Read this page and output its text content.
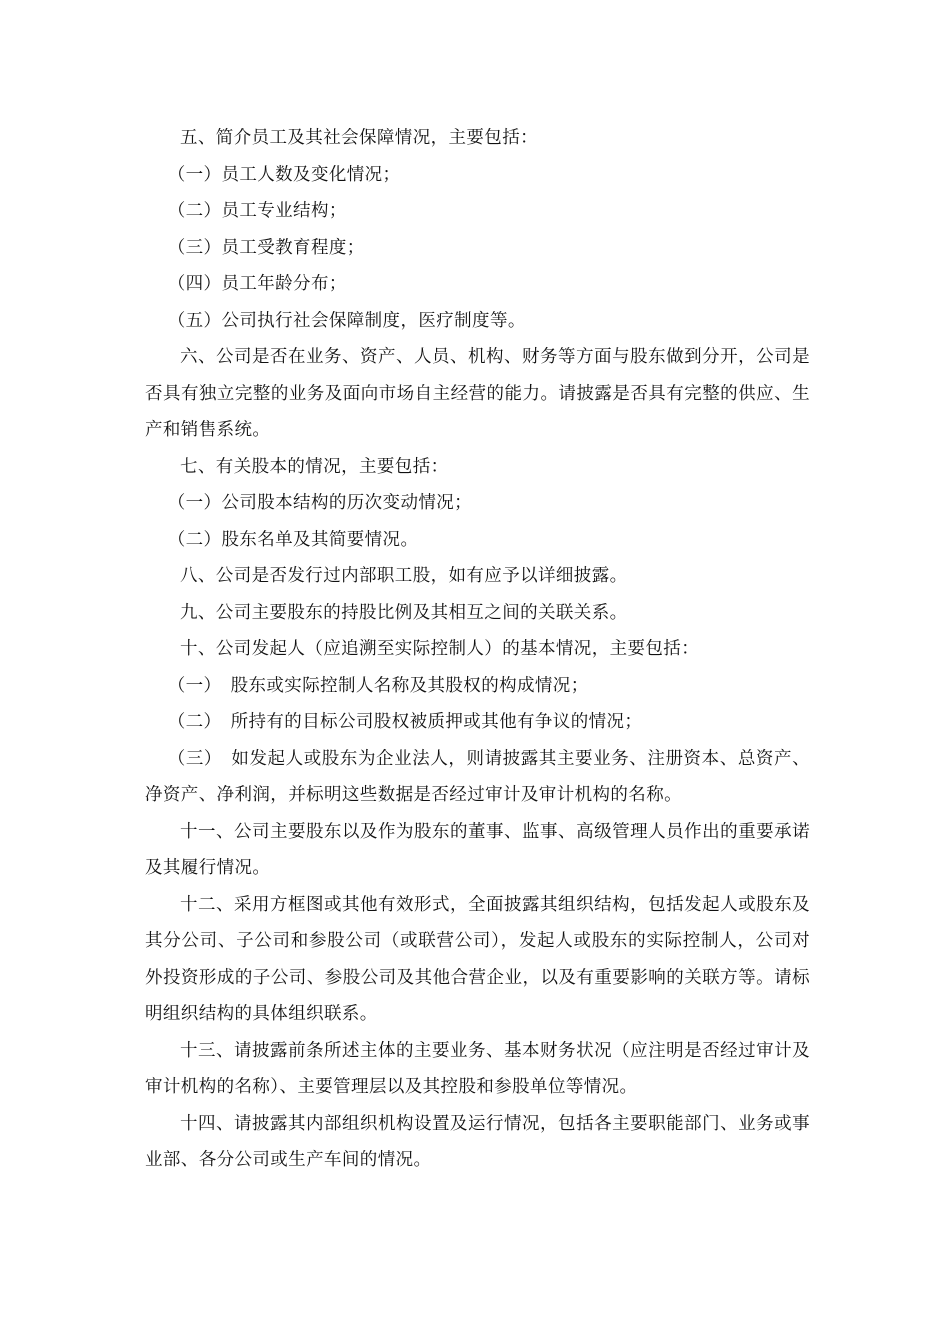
五、简介员工及其社会保障情况，主要包括：

（一）员工人数及变化情况；

（二）员工专业结构；

（三）员工受教育程度；

（四）员工年龄分布；

（五）公司执行社会保障制度，医疗制度等。

六、公司是否在业务、资产、人员、机构、财务等方面与股东做到分开，公司是否具有独立完整的业务及面向市场自主经营的能力。请披露是否具有完整的供应、生产和销售系统。

七、有关股本的情况，主要包括：

（一）公司股本结构的历次变动情况；

（二）股东名单及其简要情况。

八、公司是否发行过内部职工股，如有应予以详细披露。

九、公司主要股东的持股比例及其相互之间的关联关系。

十、公司发起人（应追溯至实际控制人）的基本情况，主要包括：

（一）　股东或实际控制人名称及其股权的构成情况；

（二）　所持有的目标公司股权被质押或其他有争议的情况；

（三）　如发起人或股东为企业法人，则请披露其主要业务、注册资本、总资产、净资产、净利润，并标明这些数据是否经过审计及审计机构的名称。

十一、公司主要股东以及作为股东的董事、监事、高级管理人员作出的重要承诺及其履行情况。

十二、采用方框图或其他有效形式，全面披露其组织结构，包括发起人或股东及其分公司、子公司和参股公司（或联营公司），发起人或股东的实际控制人，公司对外投资形成的子公司、参股公司及其他合营企业，以及有重要影响的关联方等。请标明组织结构的具体组织联系。

十三、请披露前条所述主体的主要业务、基本财务状况（应注明是否经过审计及审计机构的名称）、主要管理层以及其控股和参股单位等情况。

十四、请披露其内部组织机构设置及运行情况，包括各主要职能部门、业务或事业部、各分公司或生产车间的情况。
